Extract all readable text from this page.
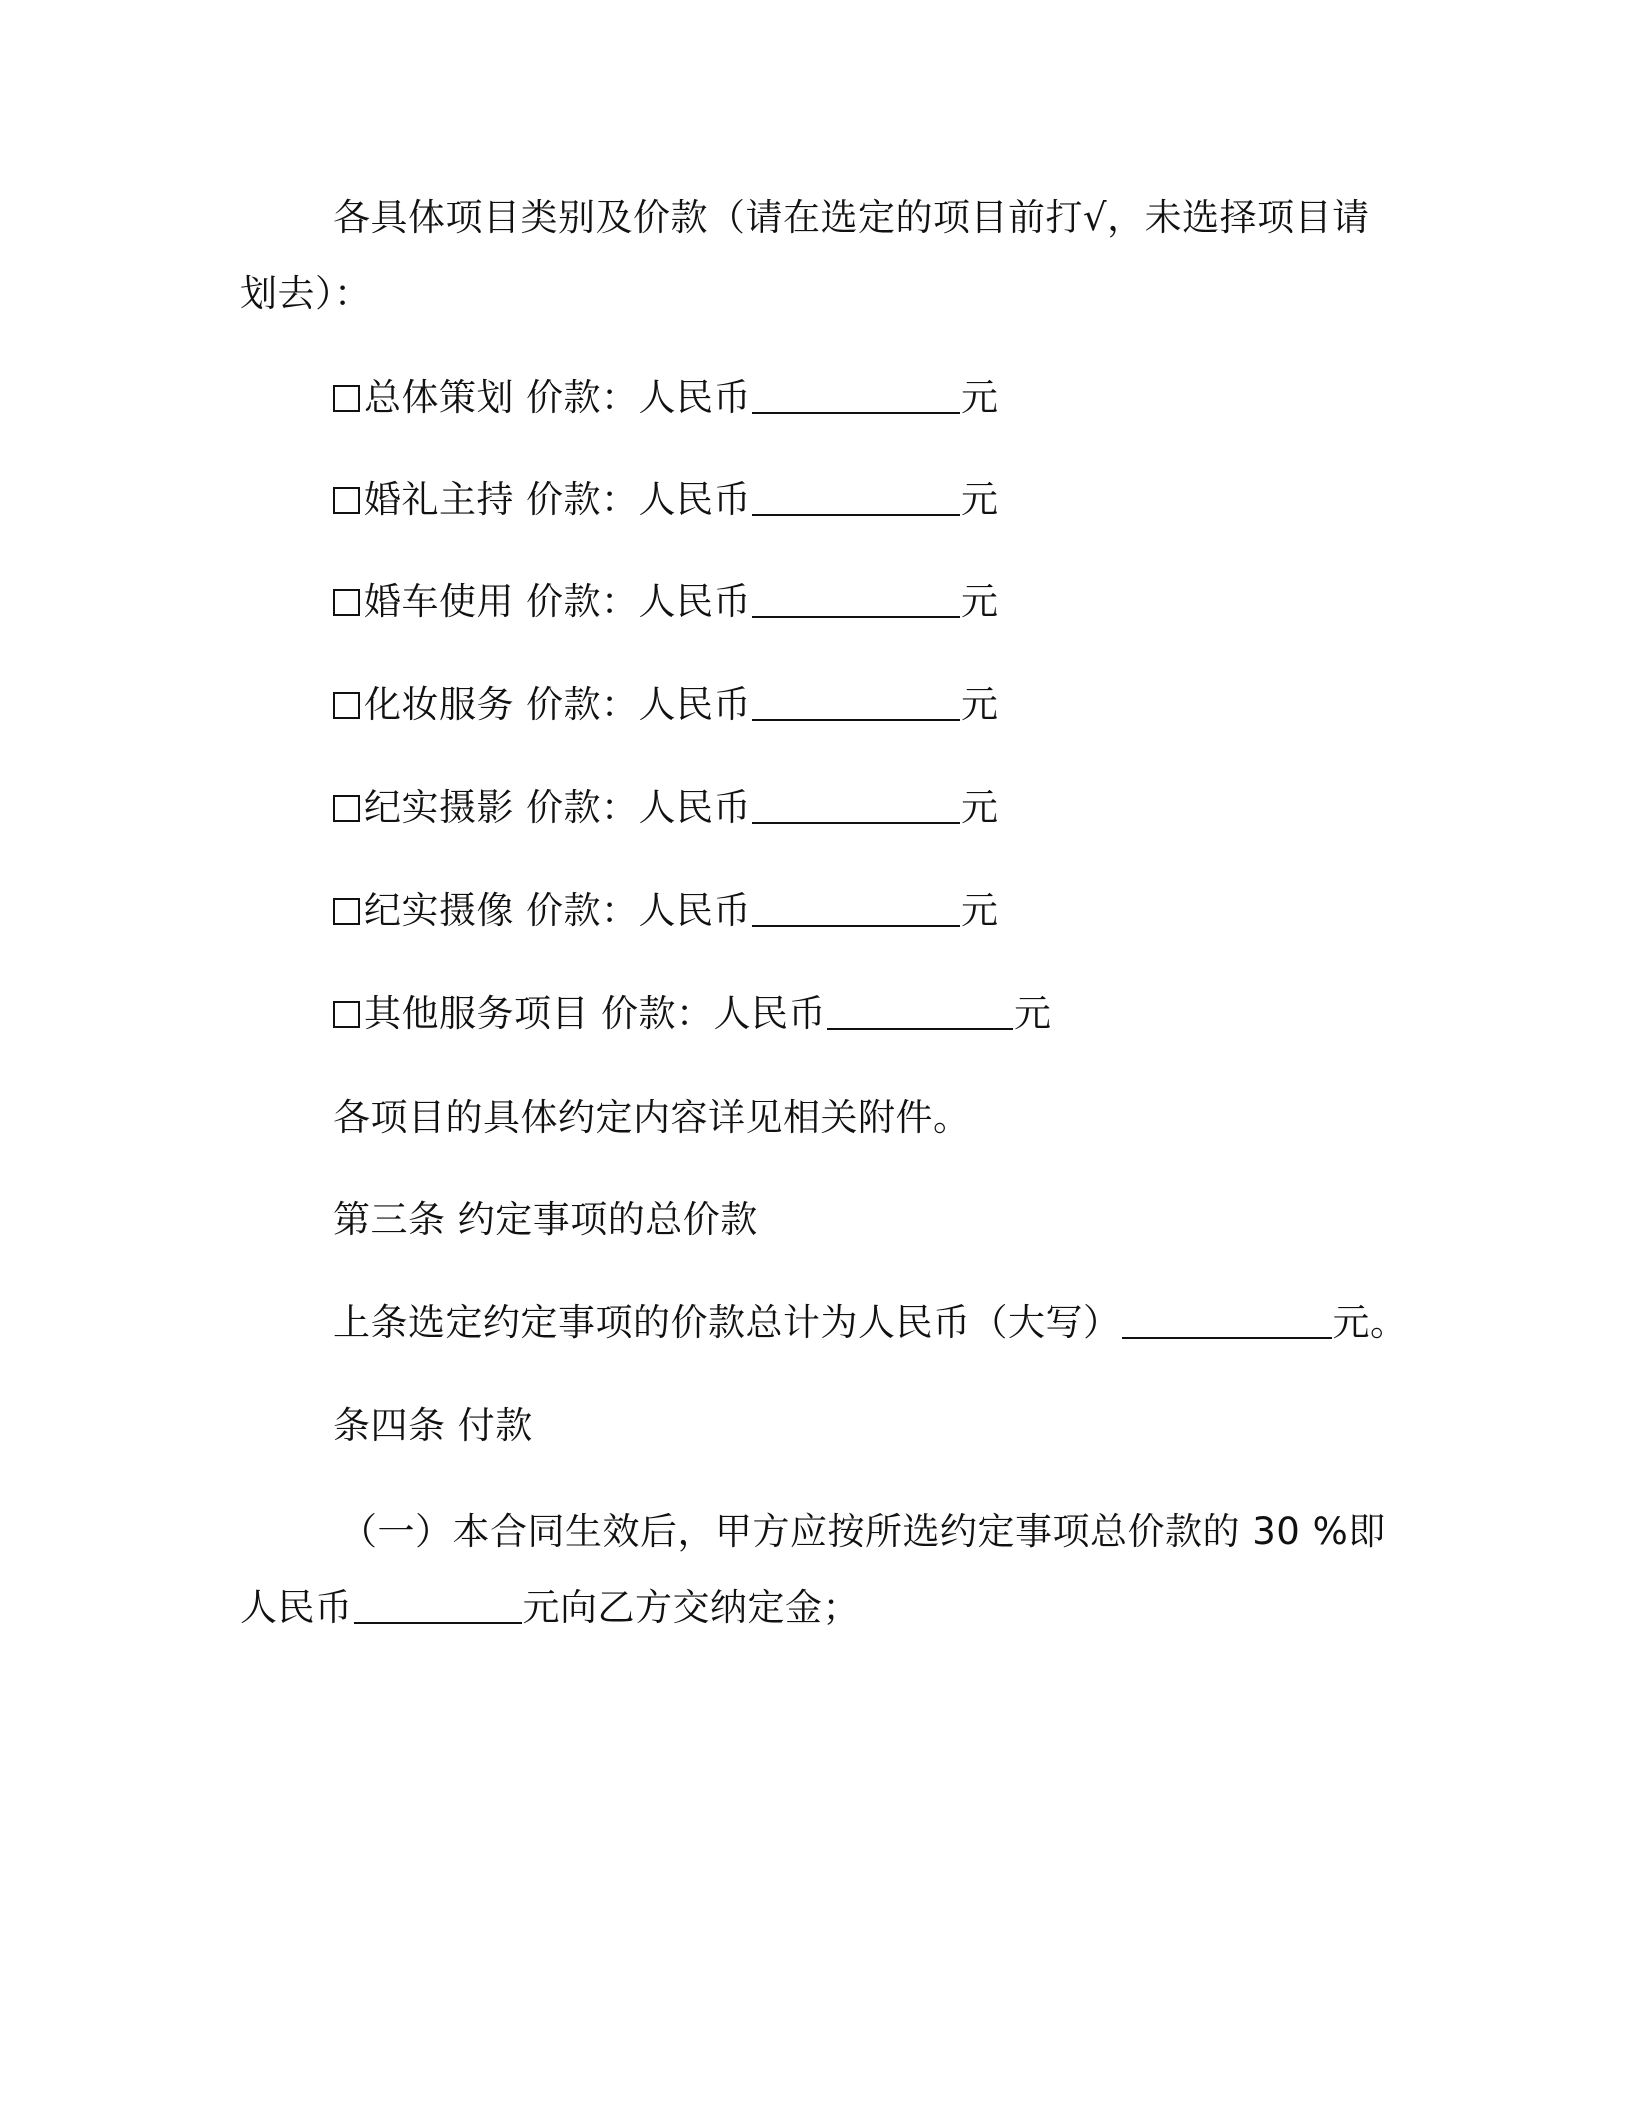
各具体项目类别及价款（请在选定的项目前打√，未选择项目请
划去）：
总体策划 价款：人民币	元
婚礼主持 价款：人民币	元
婚车使用 价款：人民币	元
化妆服务 价款：人民币	元
纪实摄影 价款：人民币	元
纪实摄像 价款：人民币	元
其他服务项目 价款：人民币	元
各项目的具体约定内容详见相关附件。
第三条 约定事项的总价款
上条选定约定事项的价款总计为人民币（大写）	元。
条四条 付款
（一）本合同生效后，甲方应按所选约定事项总价款的 30 %即
人民币	元向乙方交纳定金；
